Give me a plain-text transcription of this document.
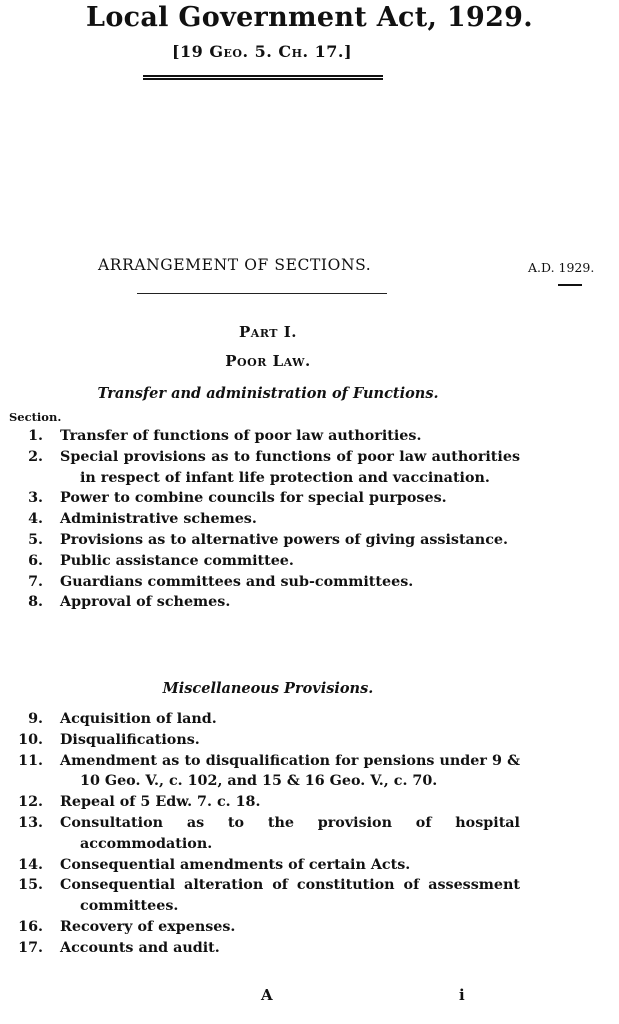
Local Government Act, 1929.
[19 Geo. 5. Ch. 17.]
ARRANGEMENT OF SECTIONS.	A.D. 1929.
Part I.
Poor Law.
Transfer and administration of Functions.
Section.
1. Transfer of functions of poor law authorities.
2. Special provisions as to functions of poor law authorities in respect of infant life protection and vaccination.
3. Power to combine councils for special purposes.
4. Administrative schemes.
5. Provisions as to alternative powers of giving assistance.
6. Public assistance committee.
7. Guardians committees and sub-committees.
8. Approval of schemes.
Miscellaneous Provisions.
9. Acquisition of land.
10. Disqualifications.
11. Amendment as to disqualification for pensions under 9 & 10 Geo. V., c. 102, and 15 & 16 Geo. V., c. 70.
12. Repeal of 5 Edw. 7. c. 18.
13. Consultation as to the provision of hospital accommodation.
14. Consequential amendments of certain Acts.
15. Consequential alteration of constitution of assessment committees.
16. Recovery of expenses.
17. Accounts and audit.
A	i
